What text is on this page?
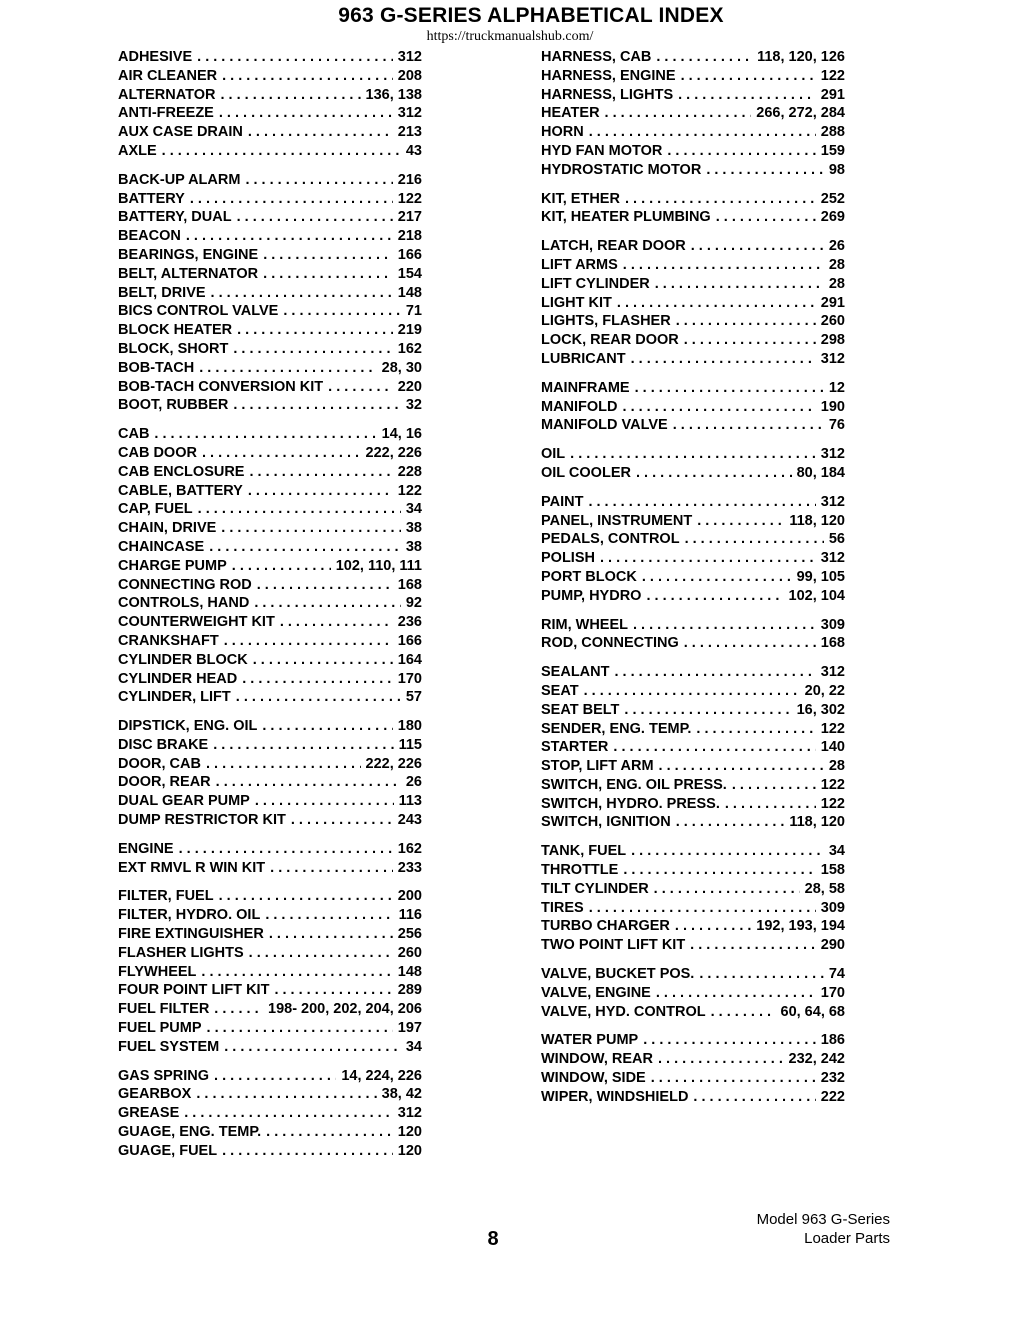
963 G-SERIES ALPHABETICAL INDEX
https://truckmanualshub.com/
ADHESIVE . . .	312
AIR CLEANER . . .	208
ALTERNATOR . . .	136, 138
ANTI-FREEZE . . .	312
AUX CASE DRAIN . . .	213
AXLE . . .	43
BACK-UP ALARM . . .	216
BATTERY . . .	122
BATTERY, DUAL . . .	217
BEACON . . .	218
BEARINGS, ENGINE . . .	166
BELT, ALTERNATOR . . .	154
BELT, DRIVE . . .	148
BICS CONTROL VALVE . . .	71
BLOCK HEATER . . .	219
BLOCK, SHORT . . .	162
BOB-TACH . . .	28, 30
BOB-TACH CONVERSION KIT . . .	220
BOOT, RUBBER . . .	32
CAB . . .	14, 16
CAB DOOR . . .	222, 226
CAB ENCLOSURE . . .	228
CABLE, BATTERY . . .	122
CAP, FUEL . . .	34
CHAIN, DRIVE . . .	38
CHAINCASE . . .	38
CHARGE PUMP . . .	102, 110, 111
CONNECTING ROD . . .	168
CONTROLS, HAND . . .	92
COUNTERWEIGHT KIT . . .	236
CRANKSHAFT . . .	166
CYLINDER BLOCK . . .	164
CYLINDER HEAD . . .	170
CYLINDER, LIFT . . .	57
DIPSTICK, ENG. OIL . . .	180
DISC BRAKE . . .	115
DOOR, CAB . . .	222, 226
DOOR, REAR . . .	26
DUAL GEAR PUMP . . .	113
DUMP RESTRICTOR KIT . . .	243
ENGINE . . .	162
EXT RMVL R WIN KIT . . .	233
FILTER, FUEL . . .	200
FILTER, HYDRO. OIL . . .	116
FIRE EXTINGUISHER . . .	256
FLASHER LIGHTS . . .	260
FLYWHEEL . . .	148
FOUR POINT LIFT KIT . . .	289
FUEL FILTER . . .	198- 200, 202, 204, 206
FUEL PUMP . . .	197
FUEL SYSTEM . . .	34
GAS SPRING . . .	14, 224, 226
GEARBOX . . .	38, 42
GREASE . . .	312
GUAGE, ENG. TEMP. . . .	120
GUAGE, FUEL . . .	120
HARNESS, CAB . . .	118, 120, 126
HARNESS, ENGINE . . .	122
HARNESS, LIGHTS . . .	291
HEATER . . .	266, 272, 284
HORN . . .	288
HYD FAN MOTOR . . .	159
HYDROSTATIC MOTOR . . .	98
KIT, ETHER . . .	252
KIT, HEATER PLUMBING . . .	269
LATCH, REAR DOOR . . .	26
LIFT ARMS . . .	28
LIFT CYLINDER . . .	28
LIGHT KIT . . .	291
LIGHTS, FLASHER . . .	260
LOCK, REAR DOOR . . .	298
LUBRICANT . . .	312
MAINFRAME . . .	12
MANIFOLD . . .	190
MANIFOLD VALVE . . .	76
OIL . . .	312
OIL COOLER . . .	80, 184
PAINT . . .	312
PANEL, INSTRUMENT . . .	118, 120
PEDALS, CONTROL . . .	56
POLISH . . .	312
PORT BLOCK . . .	99, 105
PUMP, HYDRO . . .	102, 104
RIM, WHEEL . . .	309
ROD, CONNECTING . . .	168
SEALANT . . .	312
SEAT . . .	20, 22
SEAT BELT . . .	16, 302
SENDER, ENG. TEMP. . . .	122
STARTER . . .	140
STOP, LIFT ARM . . .	28
SWITCH, ENG. OIL PRESS. . . .	122
SWITCH, HYDRO. PRESS. . . .	122
SWITCH, IGNITION . . .	118, 120
TANK, FUEL . . .	34
THROTTLE . . .	158
TILT CYLINDER . . .	28, 58
TIRES . . .	309
TURBO CHARGER . . .	192, 193, 194
TWO POINT LIFT KIT . . .	290
VALVE, BUCKET POS. . . .	74
VALVE, ENGINE . . .	170
VALVE, HYD. CONTROL . . .	60, 64, 68
WATER PUMP . . .	186
WINDOW, REAR . . .	232, 242
WINDOW, SIDE . . .	232
WIPER, WINDSHIELD . . .	222
8
Model 963 G-Series
Loader Parts
